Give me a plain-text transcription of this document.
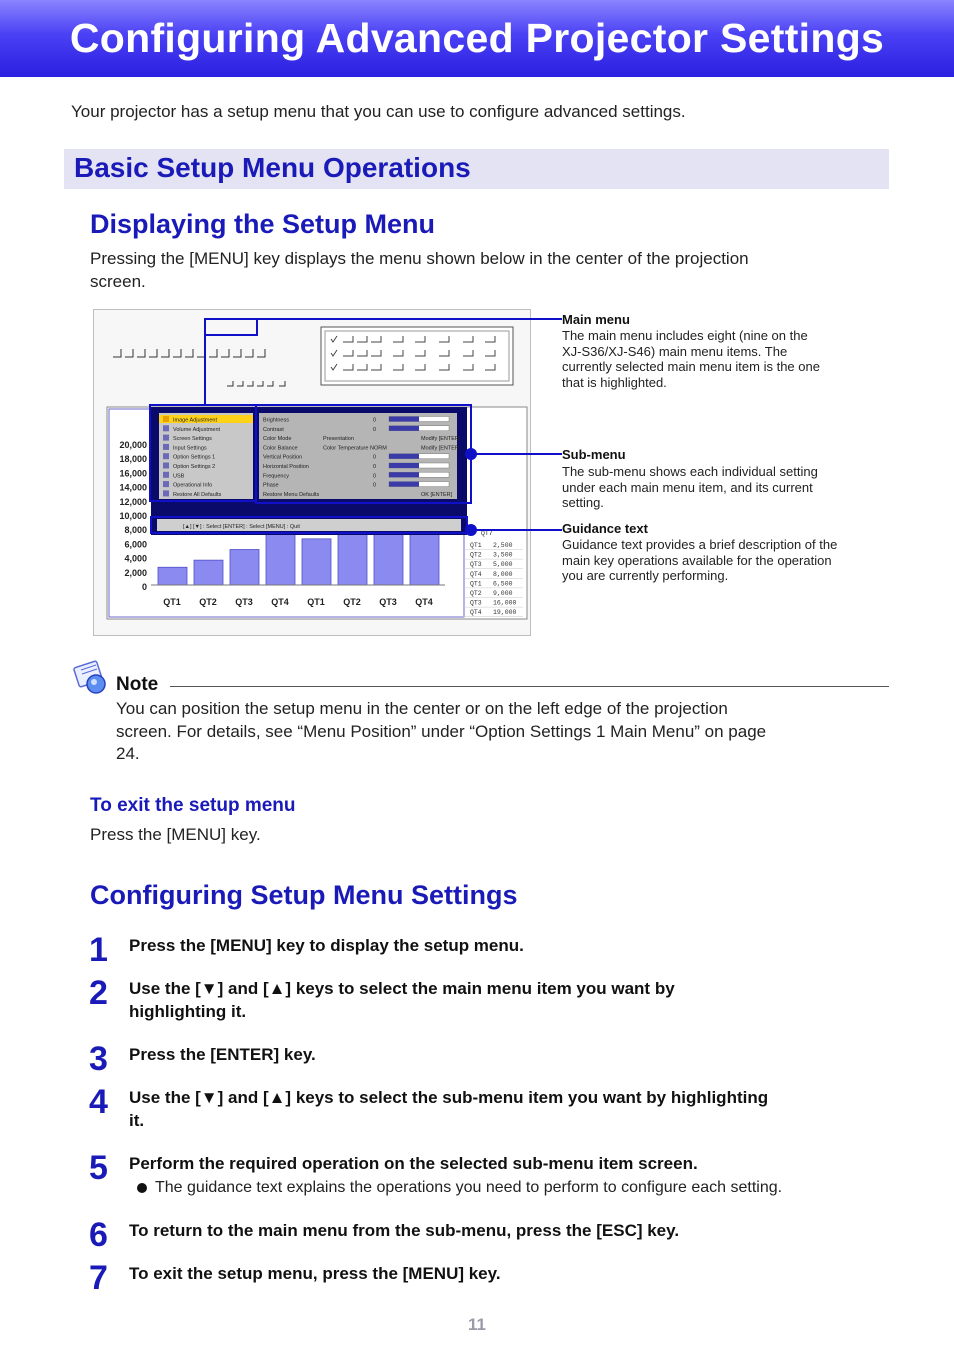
Configuring Advanced Projector Settings
Your projector has a setup menu that you can use to configure advanced settings.
Basic Setup Menu Operations
Displaying the Setup Menu
Pressing the [MENU] key displays the menu shown below in the center of the projection
screen.
20,000
18,000
16,000
14,000
12,000
10,000
8,000
6,000
4,000
2,000
0
QT1 QT2 QT3 QT4 QT1 QT2 QT3 QT4
QT7
QT1 2,500
QT2 3,500
QT3 5,000
QT4 8,000
QT1 6,500
QT2 9,000
QT3 16,000
QT4 19,000
Image Adjustment
Volume Adjustment
Screen Settings
Input Settings
Option Settings 1
Option Settings 2
USB
Operational Info
Restore All Defaults
Brightness	0
Contrast	0
Color Mode	Presentation	Modify [ENTER]
Color Balance	Color Temperature NORM	Modify [ENTER]
Vertical Position	0
Horizontal Position	0
Frequency	0
Phase	0
Restore Menu Defaults	OK [ENTER]
[▲] [▼] : Select [ENTER] : Select [MENU] : Quit
Main menu
The main menu includes eight (nine on the
XJ-S36/XJ-S46) main menu items. The
currently selected main menu item is the one
that is highlighted.
Sub-menu
The sub-menu shows each individual setting
under each main menu item, and its current
setting.
Guidance text
Guidance text provides a brief description of the
main key operations available for the operation
you are currently performing.
Note
You can position the setup menu in the center or on the left edge of the projection
screen. For details, see “Menu Position” under “Option Settings 1 Main Menu” on page
24.
To exit the setup menu
Press the [MENU] key.
Configuring Setup Menu Settings
1 Press the [MENU] key to display the setup menu.
2 Use the [▼] and [▲] keys to select the main menu item you want by
highlighting it.
3 Press the [ENTER] key.
4 Use the [▼] and [▲] keys to select the sub-menu item you want by highlighting
it.
5 Perform the required operation on the selected sub-menu item screen.
The guidance text explains the operations you need to perform to configure each setting.
6 To return to the main menu from the sub-menu, press the [ESC] key.
7 To exit the setup menu, press the [MENU] key.
11
